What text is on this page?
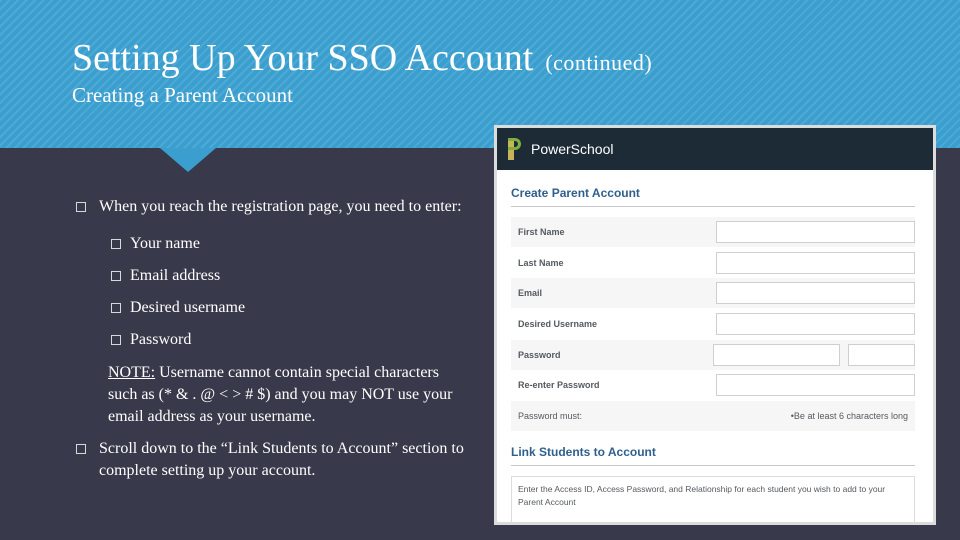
Setting Up Your SSO Account (continued)
Creating a Parent Account
When you reach the registration page, you need to enter:
Your name
Email address
Desired username
Password
NOTE: Username cannot contain special characters such as (* & . @ < > # $) and you may NOT use your email address as your username.
Scroll down to the “Link Students to Account” section to complete setting up your account.
PowerSchool
Create Parent Account
First Name
Last Name
Email
Desired Username
Password
Re-enter Password
Password must:	•Be at least 6 characters long
Link Students to Account
Enter the Access ID, Access Password, and Relationship for each student you wish to add to your Parent Account
